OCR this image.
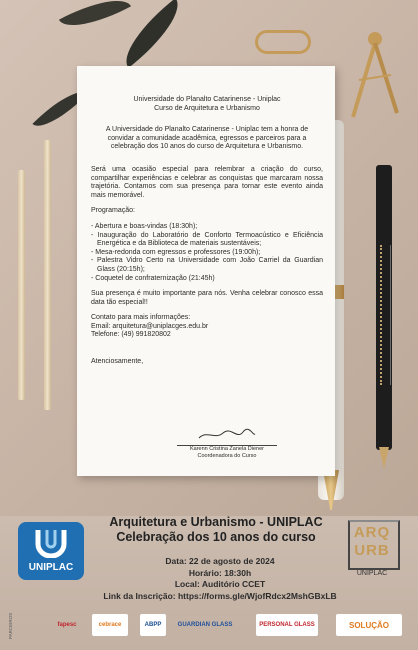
Universidade do Planalto Catarinense - Uniplac
Curso de Arquitetura e Urbanismo
A Universidade do Planalto Catarinense - Uniplac tem a honra de convidar a comunidade acadêmica, egressos e parceiros para a celebração dos 10 anos do curso de Arquitetura e Urbanismo.
Será uma ocasião especial para relembrar a criação do curso, compartilhar experiências e celebrar as conquistas que marcaram nossa trajetória. Contamos com sua presença para tornar este evento ainda mais memorável.
Programação:
- Abertura e boas-vindas (18:30h);
- Inauguração do Laboratório de Conforto Termoacústico e Eficiência Energética e da Biblioteca de materiais sustentáveis;
- Mesa-redonda com egressos e professores (19:00h);
- Palestra Vidro Certo na Universidade com João Carriel da Guardian Glass (20:15h);
- Coquetel de confraternização (21:45h)
Sua presença é muito importante para nós. Venha celebrar conosco essa data tão especial!!
Contato para mais informações:
Email: arquitetura@uniplacges.edu.br
Telefone: (49) 991820802
Atenciosamente,
Karenn Cristina Zanela Diener
Coordenadora do Curso
UNIPLAC
Arquitetura e Urbanismo - UNIPLAC
Celebração dos 10 anos do curso
Data: 22 de agosto de 2024
Horário: 18:30h
Local: Auditório CCET
Link da Inscrição: https://forms.gle/WjofRdcx2MshGBxLB
ARQ
URB
UNIPLAC
PARCEIROS	fapesc	cebrace	ABPP	GUARDIAN GLASS	PERSONAL GLASS	SOLUÇÃO
